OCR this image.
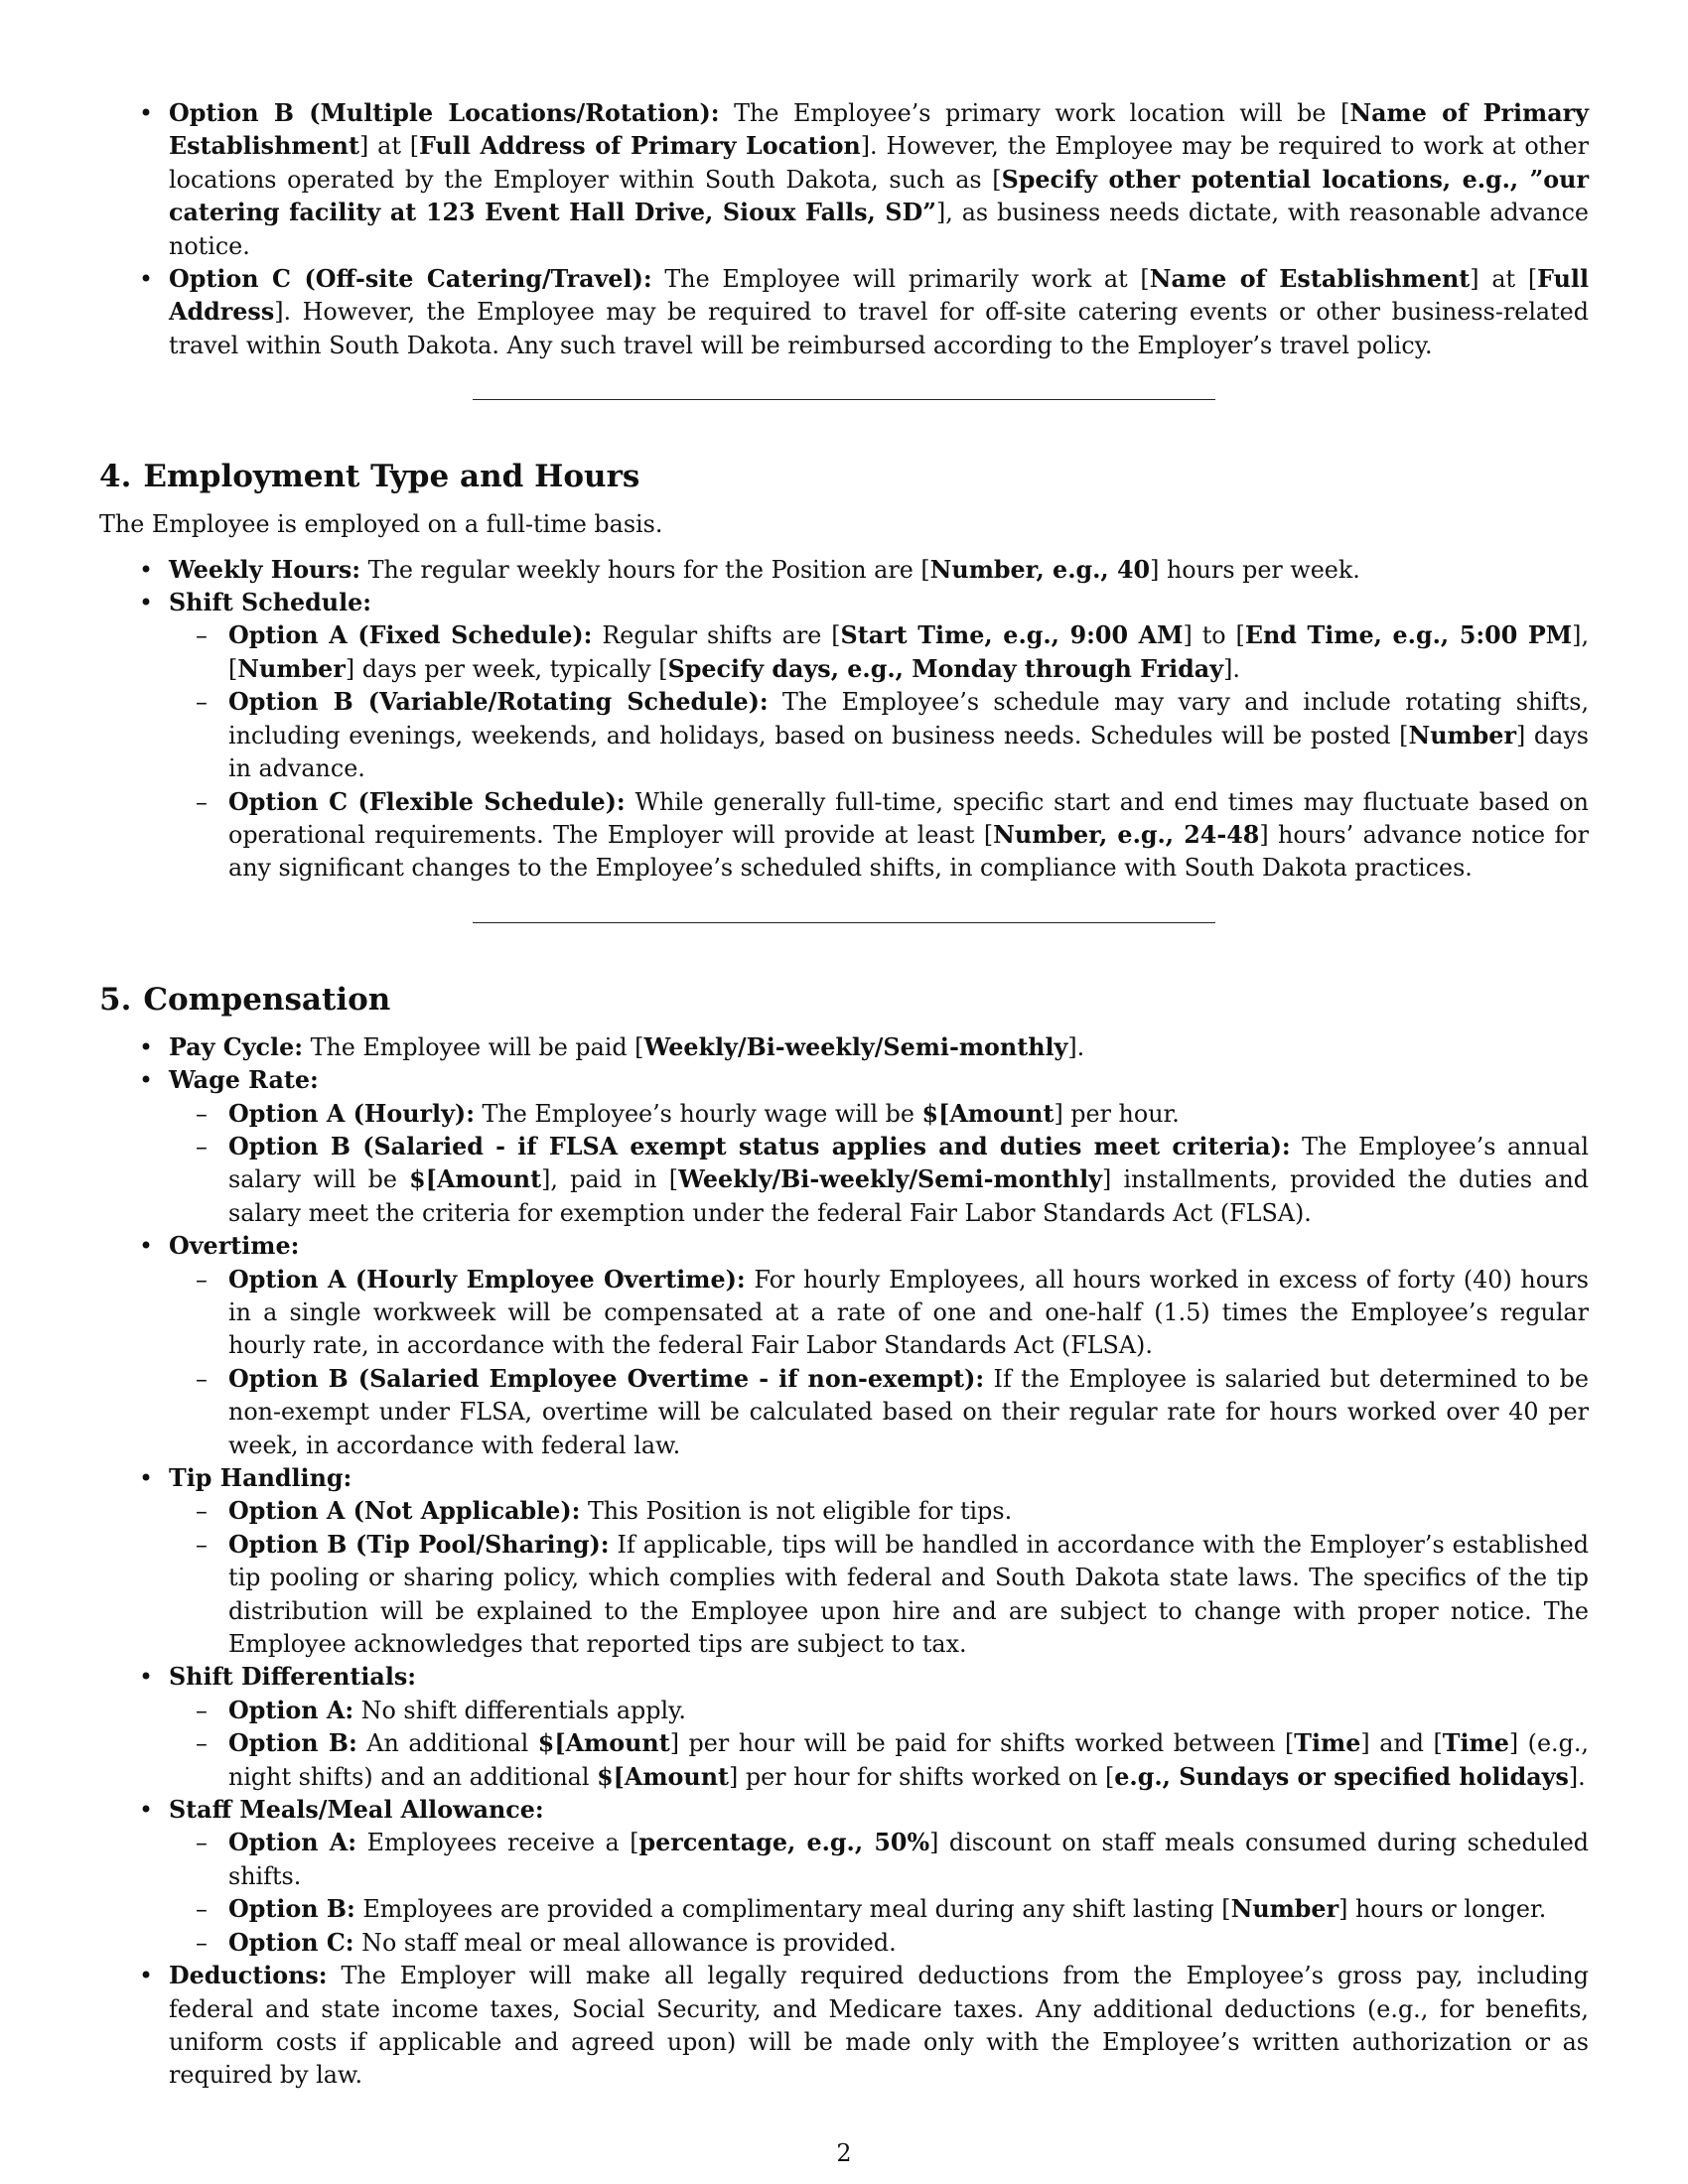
• Option B (Multiple Locations/Rotation): The Employee’s primary work location will be [Name of Primary Establishment] at [Full Address of Primary Location]. However, the Employee may be required to work at other locations operated by the Employer within South Dakota, such as [Specify other potential locations, e.g., ”our catering facility at 123 Event Hall Drive, Sioux Falls, SD”], as business needs dictate, with reasonable advance notice.
• Option C (Off-site Catering/Travel): The Employee will primarily work at [Name of Establishment] at [Full Address]. However, the Employee may be required to travel for off-site catering events or other business-related travel within South Dakota. Any such travel will be reimbursed according to the Employer’s travel policy.
4. Employment Type and Hours

The Employee is employed on a full-time basis.

• Weekly Hours: The regular weekly hours for the Position are [Number, e.g., 40] hours per week.
• Shift Schedule:
– Option A (Fixed Schedule): Regular shifts are [Start Time, e.g., 9:00 AM] to [End Time, e.g., 5:00 PM], [Number] days per week, typically [Specify days, e.g., Monday through Friday].
– Option B (Variable/Rotating Schedule): The Employee’s schedule may vary and include rotating shifts, including evenings, weekends, and holidays, based on business needs. Schedules will be posted [Number] days in advance.
– Option C (Flexible Schedule): While generally full-time, specific start and end times may fluctuate based on operational requirements. The Employer will provide at least [Number, e.g., 24-48] hours’ advance notice for any significant changes to the Employee’s scheduled shifts, in compliance with South Dakota practices.
5. Compensation
• Pay Cycle: The Employee will be paid [Weekly/Bi-weekly/Semi-monthly].
• Wage Rate:
– Option A (Hourly): The Employee’s hourly wage will be $[Amount] per hour.
– Option B (Salaried - if FLSA exempt status applies and duties meet criteria): The Employee’s annual salary will be $[Amount], paid in [Weekly/Bi-weekly/Semi-monthly] installments, provided the duties and salary meet the criteria for exemption under the federal Fair Labor Standards Act (FLSA).
• Overtime:
– Option A (Hourly Employee Overtime): For hourly Employees, all hours worked in excess of forty (40) hours in a single workweek will be compensated at a rate of one and one-half (1.5) times the Employee’s regular hourly rate, in accordance with the federal Fair Labor Standards Act (FLSA).
– Option B (Salaried Employee Overtime - if non-exempt): If the Employee is salaried but determined to be non-exempt under FLSA, overtime will be calculated based on their regular rate for hours worked over 40 per week, in accordance with federal law.
• Tip Handling:
– Option A (Not Applicable): This Position is not eligible for tips.
– Option B (Tip Pool/Sharing): If applicable, tips will be handled in accordance with the Employer’s established tip pooling or sharing policy, which complies with federal and South Dakota state laws. The specifics of the tip distribution will be explained to the Employee upon hire and are subject to change with proper notice. The Employee acknowledges that reported tips are subject to tax.
• Shift Differentials:
– Option A: No shift differentials apply.
– Option B: An additional $[Amount] per hour will be paid for shifts worked between [Time] and [Time] (e.g., night shifts) and an additional $[Amount] per hour for shifts worked on [e.g., Sundays or specified holidays].
• Staff Meals/Meal Allowance:
– Option A: Employees receive a [percentage, e.g., 50%] discount on staff meals consumed during scheduled shifts.
– Option B: Employees are provided a complimentary meal during any shift lasting [Number] hours or longer.
– Option C: No staff meal or meal allowance is provided.
• Deductions: The Employer will make all legally required deductions from the Employee’s gross pay, including federal and state income taxes, Social Security, and Medicare taxes. Any additional deductions (e.g., for benefits, uniform costs if applicable and agreed upon) will be made only with the Employee’s written authorization or as required by law.
2
